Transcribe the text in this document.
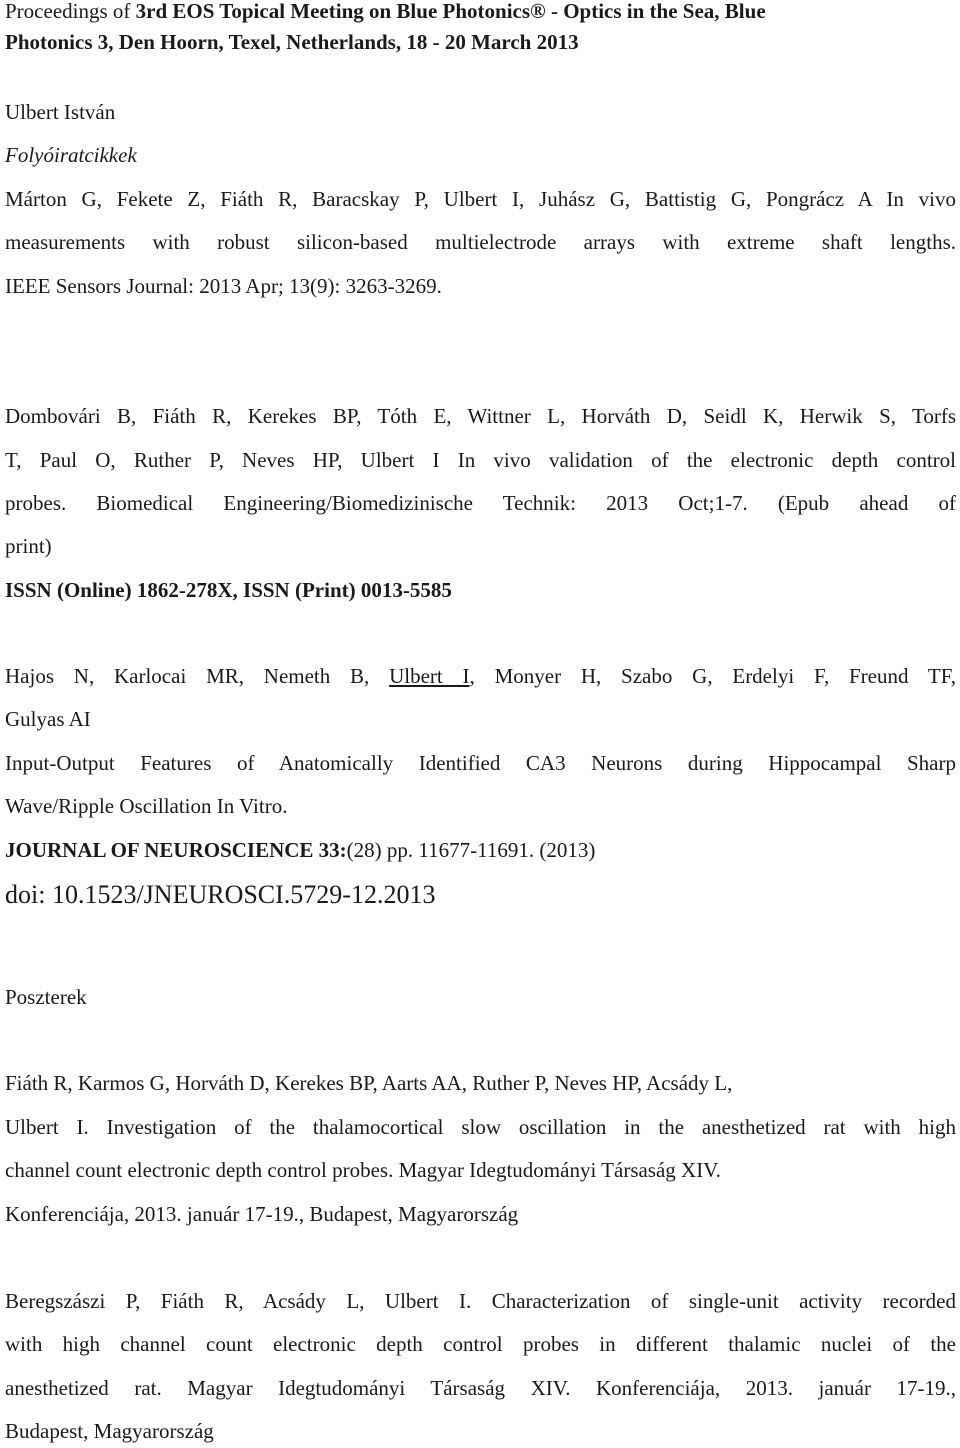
Proceedings of 3rd EOS Topical Meeting on Blue Photonics® - Optics in the Sea, Blue
Photonics 3, Den Hoorn, Texel, Netherlands, 18 - 20 March 2013
Ulbert István
Folyóiratcikkek
Márton G, Fekete Z, Fiáth R, Baracskay P, Ulbert I, Juhász G, Battistig G, Pongrácz A In vivo
measurements with robust silicon-based multielectrode arrays with extreme shaft lengths.
IEEE Sensors Journal: 2013 Apr; 13(9): 3263-3269.
Dombovári B, Fiáth R, Kerekes BP, Tóth E, Wittner L, Horváth D, Seidl K, Herwik S, Torfs
T, Paul O, Ruther P, Neves HP, Ulbert I In vivo validation of the electronic depth control
probes. Biomedical Engineering/Biomedizinische Technik: 2013 Oct;1-7. (Epub ahead of
print)
ISSN (Online) 1862-278X, ISSN (Print) 0013-5585
Hajos N, Karlocai MR, Nemeth B, Ulbert I, Monyer H, Szabo G, Erdelyi F, Freund TF,
Gulyas AI
Input-Output Features of Anatomically Identified CA3 Neurons during Hippocampal Sharp
Wave/Ripple Oscillation In Vitro.
JOURNAL OF NEUROSCIENCE 33:(28) pp. 11677-11691. (2013)
doi: 10.1523/JNEUROSCI.5729-12.2013
Poszterek
Fiáth R, Karmos G, Horváth D, Kerekes BP, Aarts AA, Ruther P, Neves HP, Acsády L,
Ulbert I. Investigation of the thalamocortical slow oscillation in the anesthetized rat with high
channel count electronic depth control probes. Magyar Idegtudományi Társaság XIV.
Konferenciája, 2013. január 17-19., Budapest, Magyarország
Beregszászi P, Fiáth R, Acsády L, Ulbert I. Characterization of single-unit activity recorded
with high channel count electronic depth control probes in different thalamic nuclei of the
anesthetized rat. Magyar Idegtudományi Társaság XIV. Konferenciája, 2013. január 17-19.,
Budapest, Magyarország
